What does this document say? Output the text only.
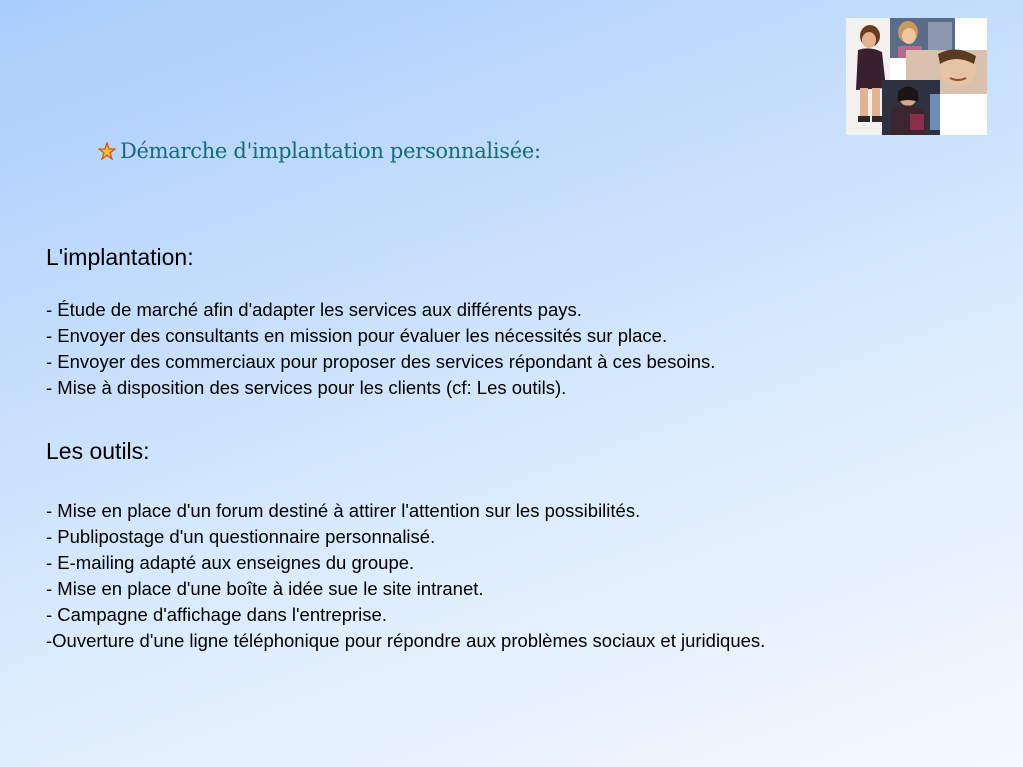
Démarche d'implantation personnalisée:
L'implantation:
- Étude de marché afin d'adapter les services aux différents pays.
- Envoyer des consultants en mission pour évaluer les nécessités sur place.
- Envoyer des commerciaux pour proposer des services répondant à ces besoins.
- Mise à disposition des services pour les clients (cf: Les outils).
Les outils:
- Mise en place d'un forum destiné à attirer l'attention sur les possibilités.
- Publipostage d'un questionnaire personnalisé.
- E-mailing adapté aux enseignes du groupe.
- Mise en place d'une boîte à idée sue le site intranet.
- Campagne d'affichage dans l'entreprise.
-Ouverture d'une ligne téléphonique pour répondre aux problèmes sociaux et juridiques.
